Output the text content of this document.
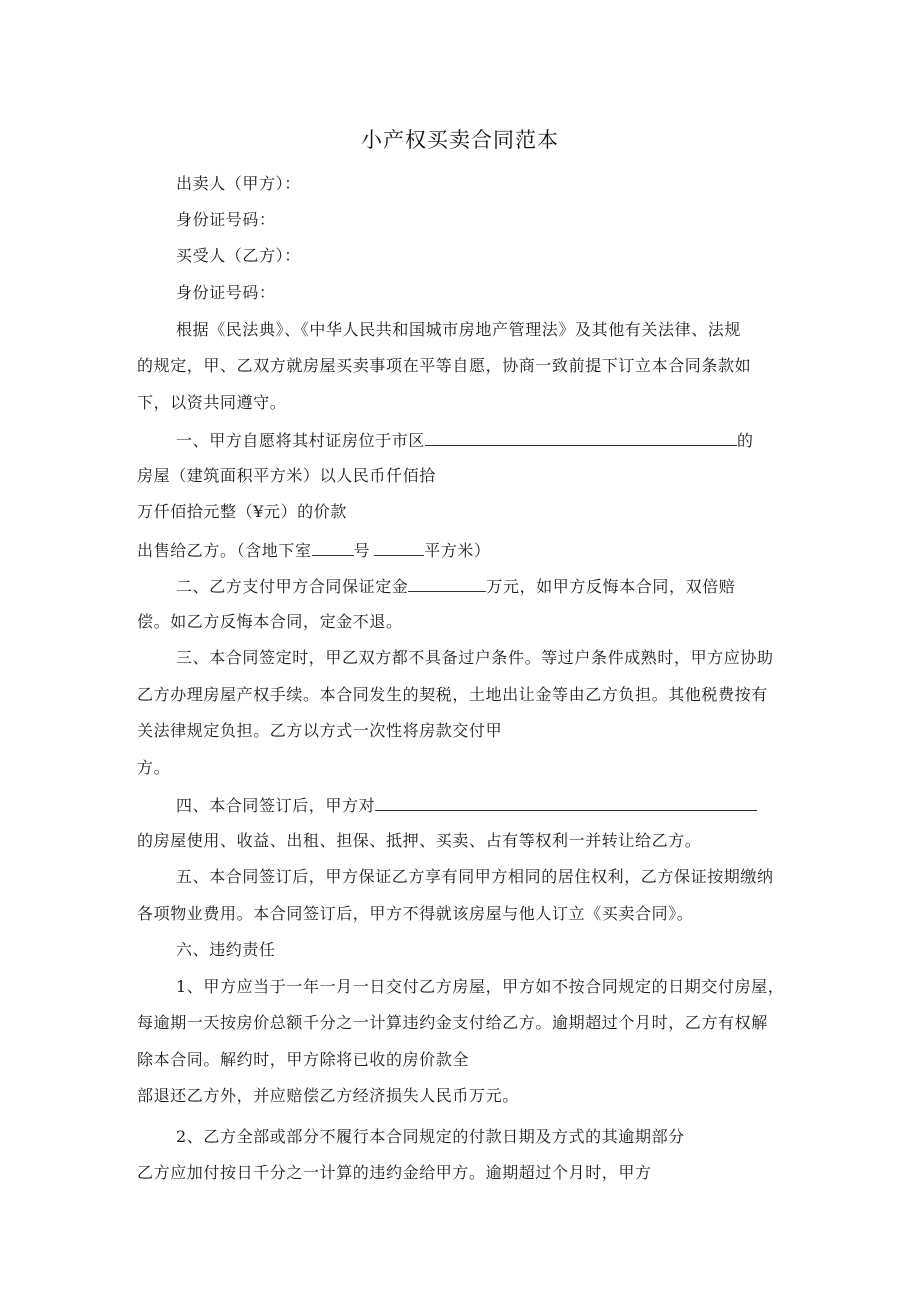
小产权买卖合同范本
出卖人（甲方）：
身份证号码：
买受人（乙方）：
身份证号码：
根据《民法典》、《中华人民共和国城市房地产管理法》及其他有关法律、法规
的规定，甲、乙双方就房屋买卖事项在平等自愿，协商一致前提下订立本合同条款如
下，以资共同遵守。
一、甲方自愿将其村证房位于市区	的
房屋（建筑面积平方米）以人民币仟佰拾
万仟佰拾元整（¥元）的价款
出售给乙方。（含地下室	号	平方米）
二、乙方支付甲方合同保证定金	万元，如甲方反悔本合同，双倍赔
偿。如乙方反悔本合同，定金不退。
三、本合同签定时，甲乙双方都不具备过户条件。等过户条件成熟时，甲方应协助
乙方办理房屋产权手续。本合同发生的契税，土地出让金等由乙方负担。其他税费按有
关法律规定负担。乙方以方式一次性将房款交付甲
方。
四、本合同签订后，甲方对
的房屋使用、收益、出租、担保、抵押、买卖、占有等权利一并转让给乙方。
五、本合同签订后，甲方保证乙方享有同甲方相同的居住权利，乙方保证按期缴纳
各项物业费用。本合同签订后，甲方不得就该房屋与他人订立《买卖合同》。
六、违约责任
1、甲方应当于一年一月一日交付乙方房屋，甲方如不按合同规定的日期交付房屋，
每逾期一天按房价总额千分之一计算违约金支付给乙方。逾期超过个月时，乙方有权解
除本合同。解约时，甲方除将已收的房价款全
部退还乙方外，并应赔偿乙方经济损失人民币万元。
2、乙方全部或部分不履行本合同规定的付款日期及方式的其逾期部分
乙方应加付按日千分之一计算的违约金给甲方。逾期超过个月时，甲方
